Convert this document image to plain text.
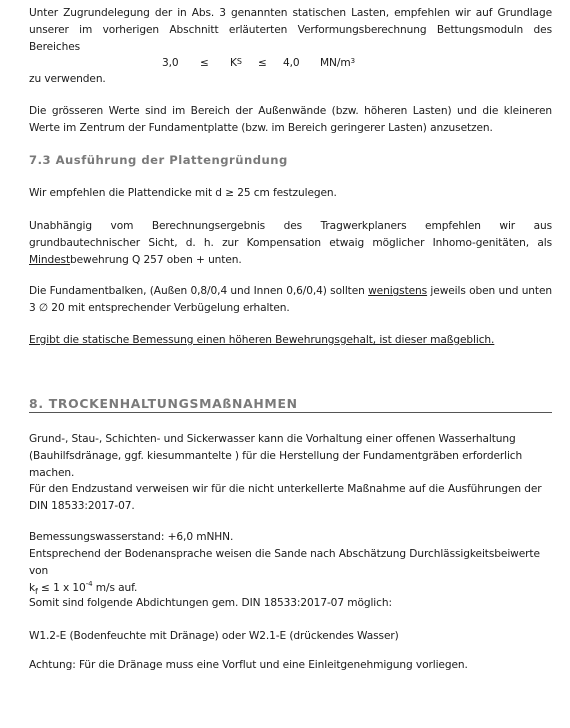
Unter Zugrundelegung der in Abs. 3 genannten statischen Lasten, empfehlen wir auf Grundlage unserer im vorherigen Abschnitt erläuterten Verformungsberechnung Bettungsmoduln des Bereiches
3,0 ≤ K S ≤ 4,0 MN/m 3
zu verwenden.
Die grösseren Werte sind im Bereich der Außenwände (bzw. höheren Lasten) und die kleineren Werte im Zentrum der Fundamentplatte (bzw. im Bereich geringerer Lasten) anzusetzen.
7.3 Ausführung der Plattengründung
Wir empfehlen die Plattendicke mit d ≥ 25 cm festzulegen.
Unabhängig vom Berechnungsergebnis des Tragwerkplaners empfehlen wir aus grundbautechnischer Sicht, d. h. zur Kompensation etwaig möglicher Inhomo-genitäten, als Mindestbewehrung Q 257 oben + unten.
Die Fundamentbalken, (Außen 0,8/0,4 und Innen 0,6/0,4) sollten wenigstens jeweils oben und unten 3 ∅ 20 mit entsprechender Verbügelung erhalten.
Ergibt die statische Bemessung einen höheren Bewehrungsgehalt, ist dieser maßgeblich.
8. TROCKENHALTUNGSMAßNAHMEN
Grund-, Stau-, Schichten- und Sickerwasser kann die Vorhaltung einer offenen Wasserhaltung (Bauhilfsdränage, ggf. kiesummantelte ) für die Herstellung der Fundamentgräben erforderlich machen.
Für den Endzustand verweisen wir für die nicht unterkellerte Maßnahme auf die Ausführungen der
DIN 18533:2017-07.
Bemessungswasserstand: +6,0 mNHN.
Entsprechend der Bodenansprache weisen die Sande nach Abschätzung Durchlässigkeitsbeiwerte von
$k_f \le 1$ x $10^{-4}$ m/s auf.
Somit sind folgende Abdichtungen gem. DIN 18533:2017-07 möglich:
W1.2-E (Bodenfeuchte mit Dränage) oder W2.1-E (drückendes Wasser)
Achtung: Für die Dränage muss eine Vorflut und eine Einleitgenehmigung vorliegen.
